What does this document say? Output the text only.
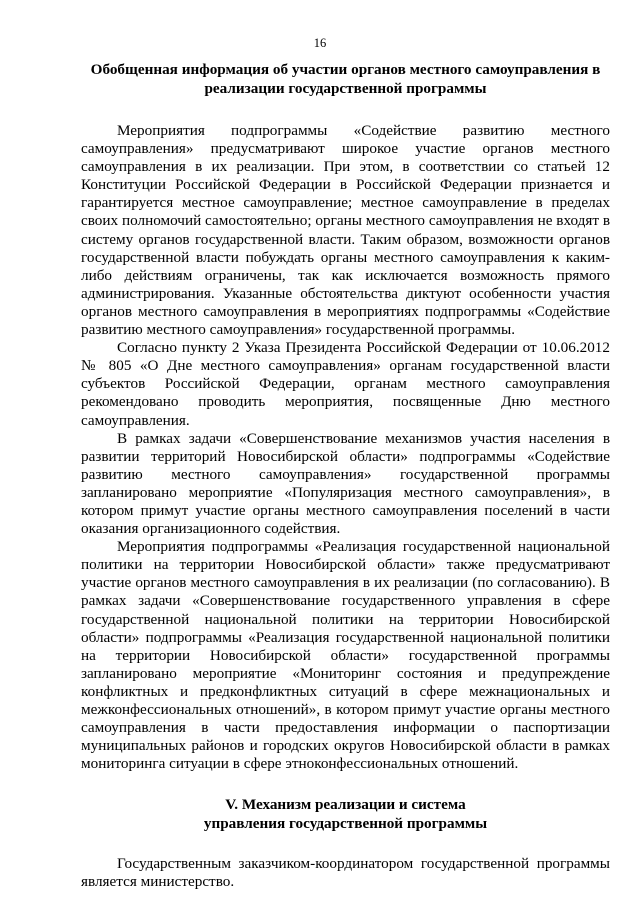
16
Обобщенная информация об участии органов местного самоуправления в
реализации государственной программы

Мероприятия подпрограммы «Содействие развитию местного самоуправления» предусматривают широкое участие органов местного самоуправления в их реализации. При этом, в соответствии со статьей 12 Конституции Российской Федерации в Российской Федерации признается и гарантируется местное самоуправление; местное самоуправление в пределах своих полномочий самостоятельно; органы местного самоуправления не входят в систему органов государственной власти. Таким образом, возможности органов государственной власти побуждать органы местного самоуправления к каким-либо действиям ограничены, так как исключается возможность прямого администрирования. Указанные обстоятельства диктуют особенности участия органов местного самоуправления в мероприятиях подпрограммы «Содействие развитию местного самоуправления» государственной программы.

Согласно пункту 2 Указа Президента Российской Федерации от 10.06.2012 № 805 «О Дне местного самоуправления» органам государственной власти субъектов Российской Федерации, органам местного самоуправления рекомендовано проводить мероприятия, посвященные Дню местного самоуправления.

В рамках задачи «Совершенствование механизмов участия населения в развитии территорий Новосибирской области» подпрограммы «Содействие развитию местного самоуправления» государственной программы запланировано мероприятие «Популяризация местного самоуправления», в котором примут участие органы местного самоуправления поселений в части оказания организационного содействия.

Мероприятия подпрограммы «Реализация государственной национальной политики на территории Новосибирской области» также предусматривают участие органов местного самоуправления в их реализации (по согласованию). В рамках задачи «Совершенствование государственного управления в сфере государственной национальной политики на территории Новосибирской области» подпрограммы «Реализация государственной национальной политики на территории Новосибирской области» государственной программы запланировано мероприятие «Мониторинг состояния и предупреждение конфликтных и предконфликтных ситуаций в сфере межнациональных и межконфессиональных отношений», в котором примут участие органы местного самоуправления в части предоставления информации о паспортизации муниципальных районов и городских округов Новосибирской области в рамках мониторинга ситуации в сфере этноконфессиональных отношений.

V. Механизм реализации и система
управления государственной программы

Государственным заказчиком-координатором государственной программы является министерство.
